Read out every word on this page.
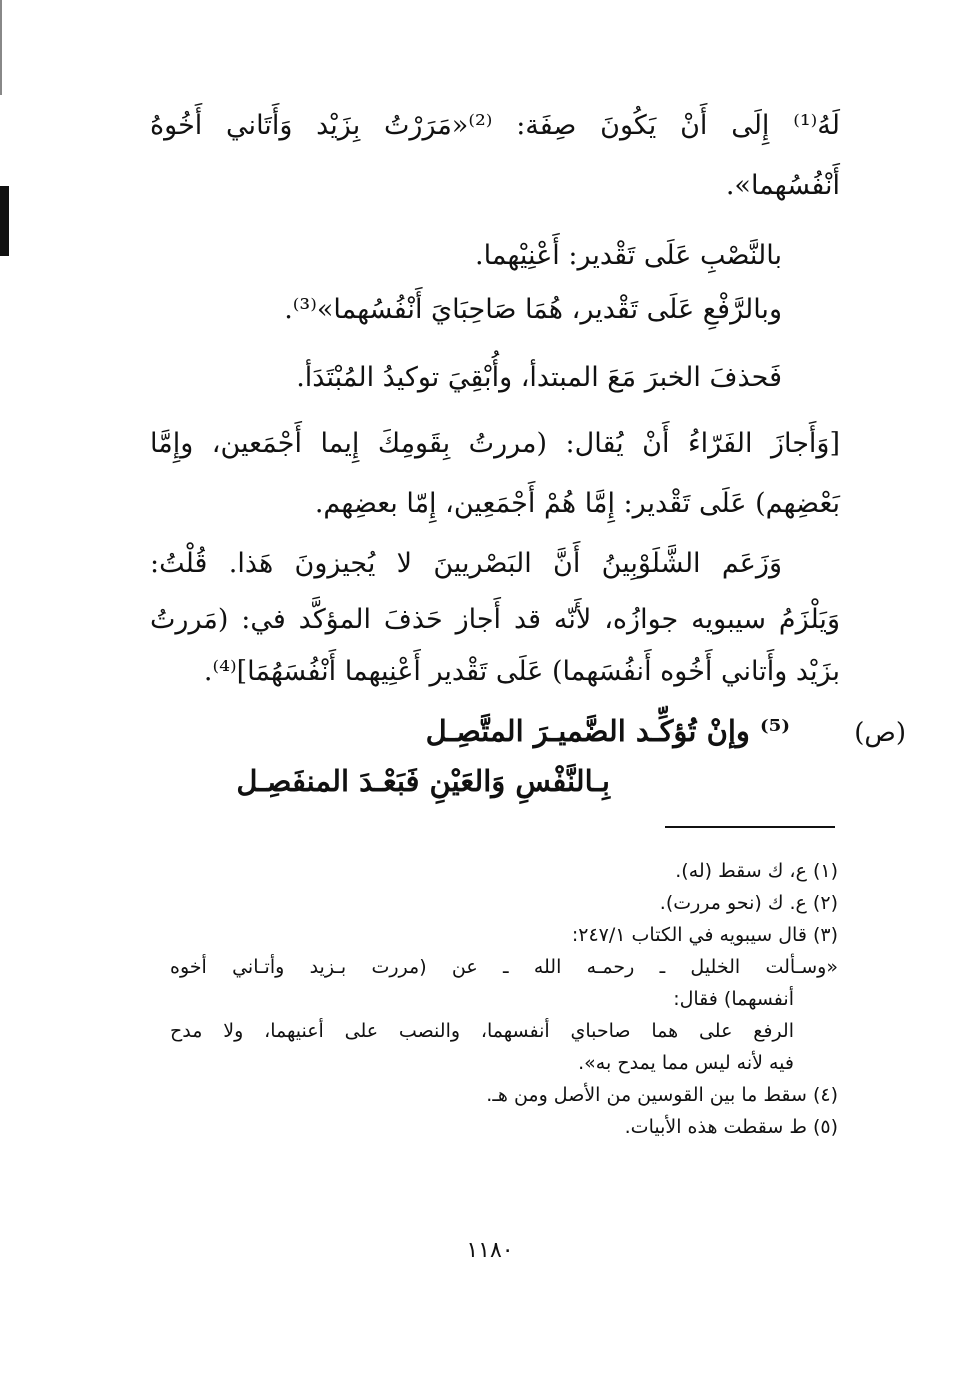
لَهُ⁽¹⁾ إِلَى أَنْ يَكُونَ صِفَة: ⁽²⁾«مَرَرْتُ بِزَيْد وَأَتَاني أَخُوهُ
أَنْفُسُهما».
بالنَّصْبِ عَلَى تَقْدير: أَعْنِيْهما.
وبالرَّفْعِ عَلَى تَقْدير، هُمَا صَاحِبَايَ أَنْفُسُهما»⁽³⁾.
فَحذفَ الخبرَ مَعَ المبتدأ، وأُبْقِيَ توكيدُ المُبْتَدَأ.
[وَأَجازَ الفَرّاءُ أَنْ يُقال: (مررتُ بِقَومِكَ إِيما أَجْمَعين، وإِمَّا
بَعْضِهم) عَلَى تَقْدير: إِمَّا هُمْ أَجْمَعِين، إِمّا بعضِهم.
وَزَعَم الشَّلَوْبِينُ أَنَّ البَصْريينَ لا يُجيزونَ هَذا. قُلْتُ:
وَيَلْزَمُ سيبويه جوازُه، لأَنّه قد أَجاز حَذفَ المؤكَّد في: (مَررتُ
بزَيْد وأَتاني أَخُوه أَنفُسَهما) عَلَى تَقْدير أَعْنِيهما أَنْفُسَهُمَا]⁽⁴⁾.
(ص)
⁽⁵⁾ وإنْ تُؤكِّـد الضَّميـرَ المتَّصِـل
بِـالنَّفْسِ وَالعَيْنِ فَبَعْـدَ المنفَصِـل
(١) ع، ك سقط (له).
(٢) ع. ك (نحو مررت).
(٣) قال سيبويه في الكتاب ٢٤٧/١:
«وسـألت الخليل ـ رحمـه الله ـ عن (مررت بـزيد وأتـاني أخوه
أنفسهما) فقال:
الرفع على هما صاحباي أنفسهما، والنصب على أعنيهما، ولا مدح
فيه لأنه ليس مما يمدح به».
(٤) سقط ما بين القوسين من الأصل ومن هـ.
(٥) ط سقطت هذه الأبيات.
١١٨٠
